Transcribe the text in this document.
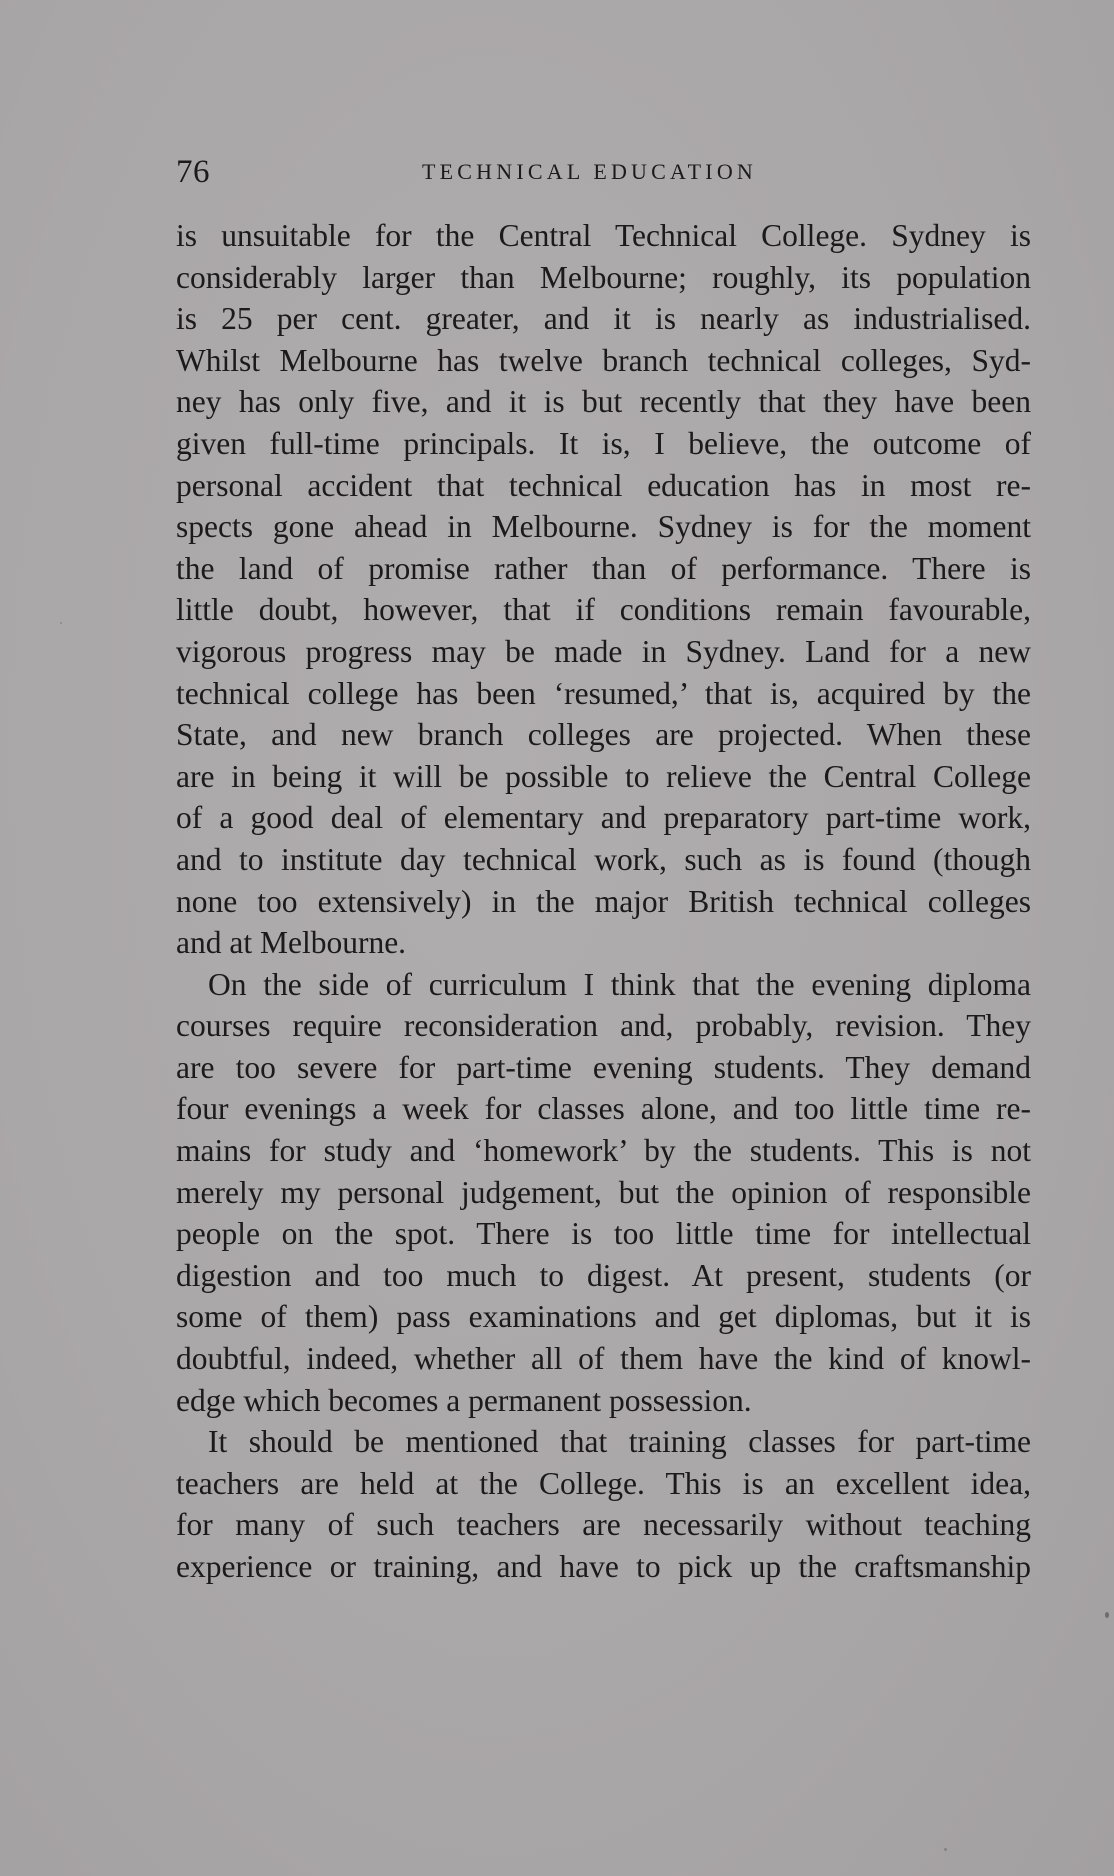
76	TECHNICAL EDUCATION
is unsuitable for the Central Technical College. Sydney is
considerably larger than Melbourne; roughly, its population
is 25 per cent. greater, and it is nearly as industrialised.
Whilst Melbourne has twelve branch technical colleges, Syd-
ney has only five, and it is but recently that they have been
given full-time principals. It is, I believe, the outcome of
personal accident that technical education has in most re-
spects gone ahead in Melbourne. Sydney is for the moment
the land of promise rather than of performance. There is
little doubt, however, that if conditions remain favourable,
vigorous progress may be made in Sydney. Land for a new
technical college has been ‘resumed,’ that is, acquired by the
State, and new branch colleges are projected. When these
are in being it will be possible to relieve the Central College
of a good deal of elementary and preparatory part-time work,
and to institute day technical work, such as is found (though
none too extensively) in the major British technical colleges
and at Melbourne.
On the side of curriculum I think that the evening diploma
courses require reconsideration and, probably, revision. They
are too severe for part-time evening students. They demand
four evenings a week for classes alone, and too little time re-
mains for study and ‘homework’ by the students. This is not
merely my personal judgement, but the opinion of responsible
people on the spot. There is too little time for intellectual
digestion and too much to digest. At present, students (or
some of them) pass examinations and get diplomas, but it is
doubtful, indeed, whether all of them have the kind of knowl-
edge which becomes a permanent possession.
It should be mentioned that training classes for part-time
teachers are held at the College. This is an excellent idea,
for many of such teachers are necessarily without teaching
experience or training, and have to pick up the craftsmanship
